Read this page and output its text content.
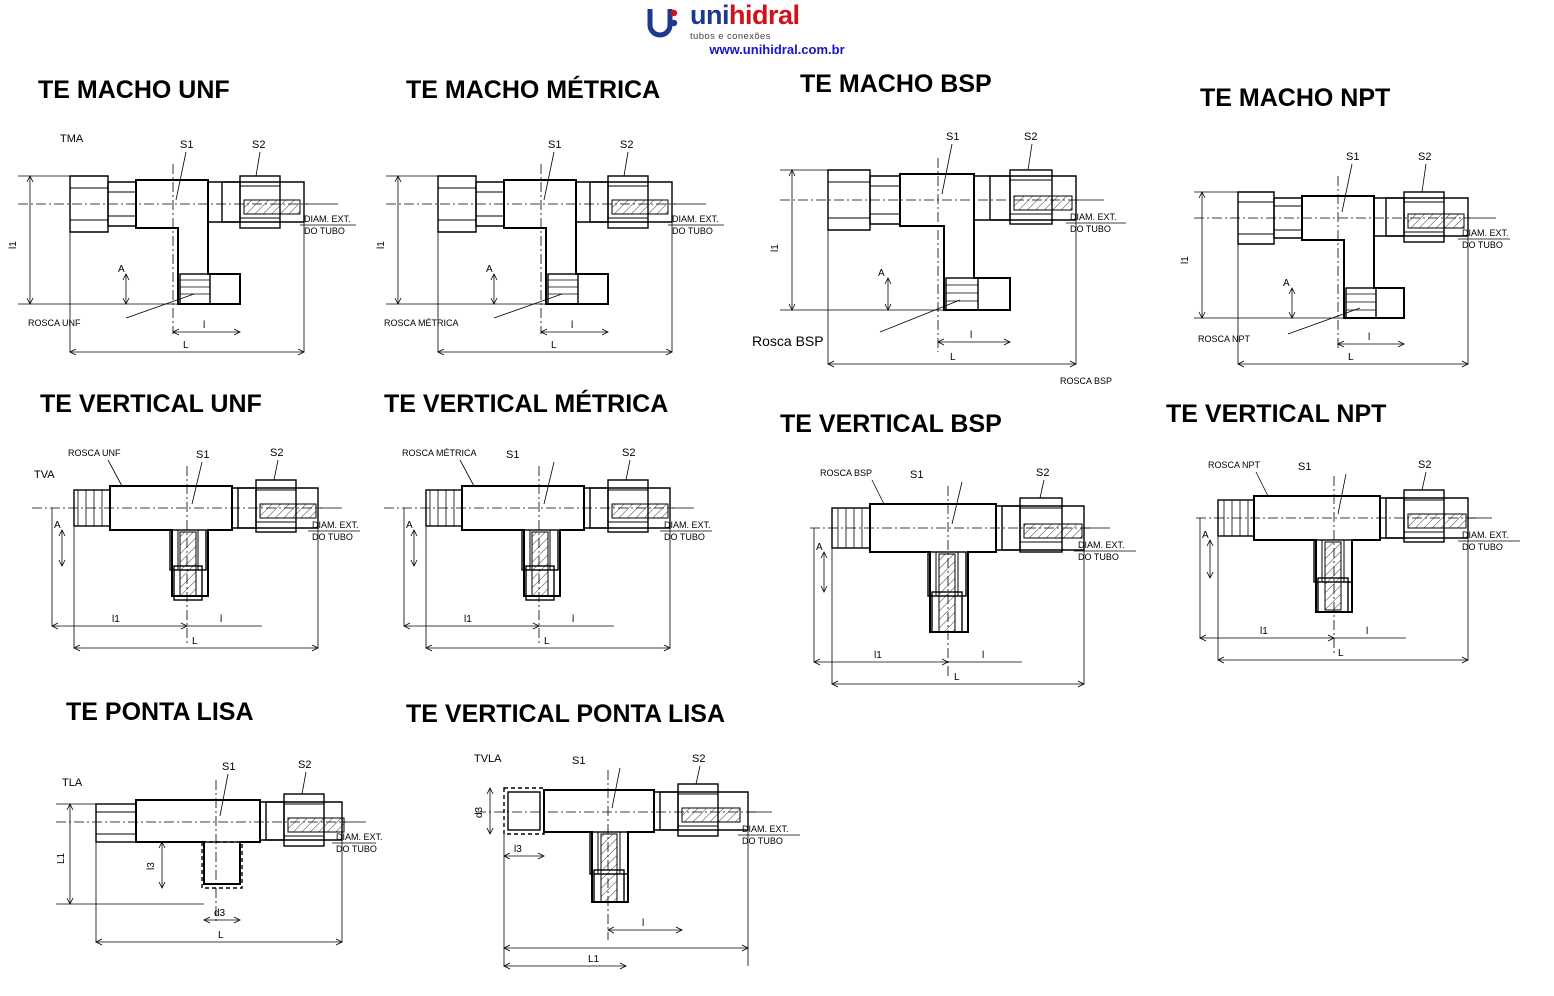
unihidral
tubos e conexões
www.unihidral.com.br
TE MACHO UNF
l1
A
l
L
S1	S2
ROSCA UNF
TMA
DIAM. EXT.
DO TUBO
TE MACHO MÉTRICA
l1
A
l
L
S1	S2
ROSCA MÉTRICA
DIAM. EXT.
DO TUBO
TE MACHO BSP
l1
A
l
L
S1	S2
Rosca BSP
ROSCA BSP
DIAM. EXT.
DO TUBO
TE MACHO NPT
l1
A
l
L
S1	S2
ROSCA NPT
DIAM. EXT.
DO TUBO
TE VERTICAL UNF
A
l1	l
L
ROSCA UNF	S1	S2
TVA
DIAM. EXT.
DO TUBO
TE VERTICAL MÉTRICA
A
l1	l
L
ROSCA MÉTRICA	S1	S2
DIAM. EXT.
DO TUBO
TE VERTICAL BSP
A
l1	l
L
ROSCA BSP	S1	S2
DIAM. EXT.
DO TUBO
TE VERTICAL NPT
A
l1	l
L
ROSCA NPT	S1	S2
DIAM. EXT.
DO TUBO
TE PONTA LISA
L1
l3
d3
L
S1	S2
TLA
DIAM. EXT.
DO TUBO
TE VERTICAL PONTA LISA
d3
l3
L1
l
S1	S2
TVLA
DIAM. EXT.
DO TUBO
